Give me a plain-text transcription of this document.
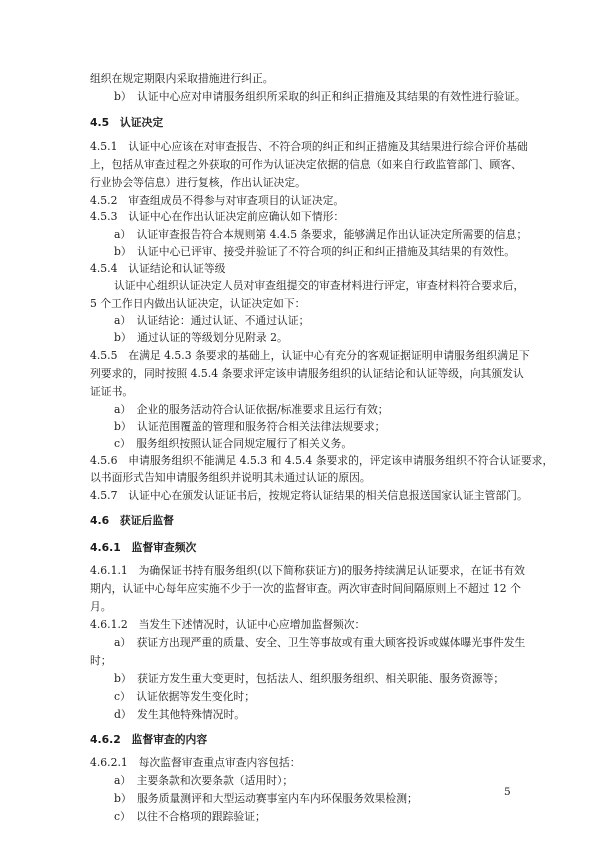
组织在规定期限内采取措施进行纠正。
b）　认证中心应对申请服务组织所采取的纠正和纠正措施及其结果的有效性进行验证。
4.5　认证决定
4.5.1　认证中心应该在对审查报告、不符合项的纠正和纠正措施及其结果进行综合评价基础
上，包括从审查过程之外获取的可作为认证决定依据的信息（如来自行政监管部门、顾客、
行业协会等信息）进行复核，作出认证决定。
4.5.2　审查组成员不得参与对审查项目的认证决定。
4.5.3　认证中心在作出认证决定前应确认如下情形：
a）　认证审查报告符合本规则第 4.4.5 条要求，能够满足作出认证决定所需要的信息；
b）　认证中心已评审、接受并验证了不符合项的纠正和纠正措施及其结果的有效性。
4.5.4　认证结论和认证等级
认证中心组织认证决定人员对审查组提交的审查材料进行评定，审查材料符合要求后，
5 个工作日内做出认证决定，认证决定如下：
a）　认证结论：通过认证、不通过认证；
b）　通过认证的等级划分见附录 2。
4.5.5　在满足 4.5.3 条要求的基础上，认证中心有充分的客观证据证明申请服务组织满足下
列要求的，同时按照 4.5.4 条要求评定该申请服务组织的认证结论和认证等级，向其颁发认
证证书。
a）　企业的服务活动符合认证依据/标准要求且运行有效；
b）　认证范围覆盖的管理和服务符合相关法律法规要求；
c）　服务组织按照认证合同规定履行了相关义务。
4.5.6　申请服务组织不能满足 4.5.3 和 4.5.4 条要求的，评定该申请服务组织不符合认证要求，
以书面形式告知申请服务组织并说明其未通过认证的原因。
4.5.7　认证中心在颁发认证证书后，按规定将认证结果的相关信息报送国家认证主管部门。
4.6　获证后监督
4.6.1　监督审查频次
4.6.1.1　为确保证书持有服务组织(以下简称获证方)的服务持续满足认证要求，在证书有效
期内，认证中心每年应实施不少于一次的监督审查。两次审查时间间隔原则上不超过 12 个
月。
4.6.1.2　当发生下述情况时，认证中心应增加监督频次：
a）　获证方出现严重的质量、安全、卫生等事故或有重大顾客投诉或媒体曝光事件发生
时；
b）　获证方发生重大变更时，包括法人、组织服务组织、相关职能、服务资源等；
c）　认证依据等发生变化时；
d）　发生其他特殊情况时。
4.6.2　监督审查的内容
4.6.2.1　每次监督审查重点审查内容包括：
a）　主要条款和次要条款（适用时）；
b）　服务质量测评和大型运动赛事室内车内环保服务效果检测；
c）　以往不合格项的跟踪验证；
5
